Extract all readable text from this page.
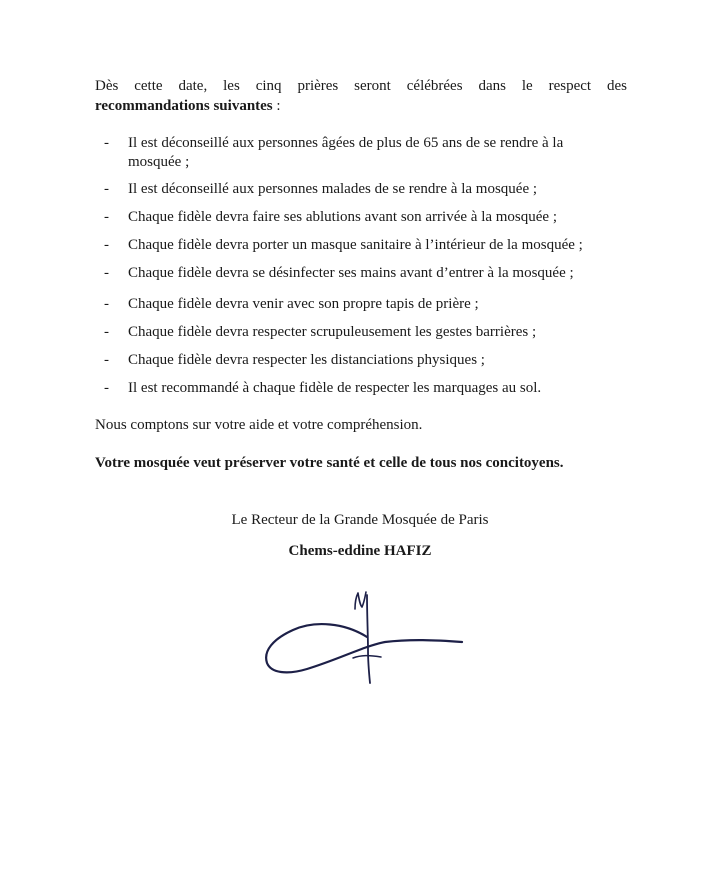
Dès cette date, les cinq prières seront célébrées dans le respect des
recommandations suivantes :
- Il est déconseillé aux personnes âgées de plus de 65 ans de se rendre à la
mosquée ;
- Il est déconseillé aux personnes malades de se rendre à la mosquée ;
- Chaque fidèle devra faire ses ablutions avant son arrivée à la mosquée ;
- Chaque fidèle devra porter un masque sanitaire à l’intérieur de la mosquée ;
- Chaque fidèle devra se désinfecter ses mains avant d’entrer à la mosquée ;
- Chaque fidèle devra venir avec son propre tapis de prière ;
- Chaque fidèle devra respecter scrupuleusement les gestes barrières ;
- Chaque fidèle devra respecter les distanciations physiques ;
- Il est recommandé à chaque fidèle de respecter les marquages au sol.
Nous comptons sur votre aide et votre compréhension.
Votre mosquée veut préserver votre santé et celle de tous nos concitoyens.
Le Recteur de la Grande Mosquée de Paris
Chems-eddine HAFIZ
